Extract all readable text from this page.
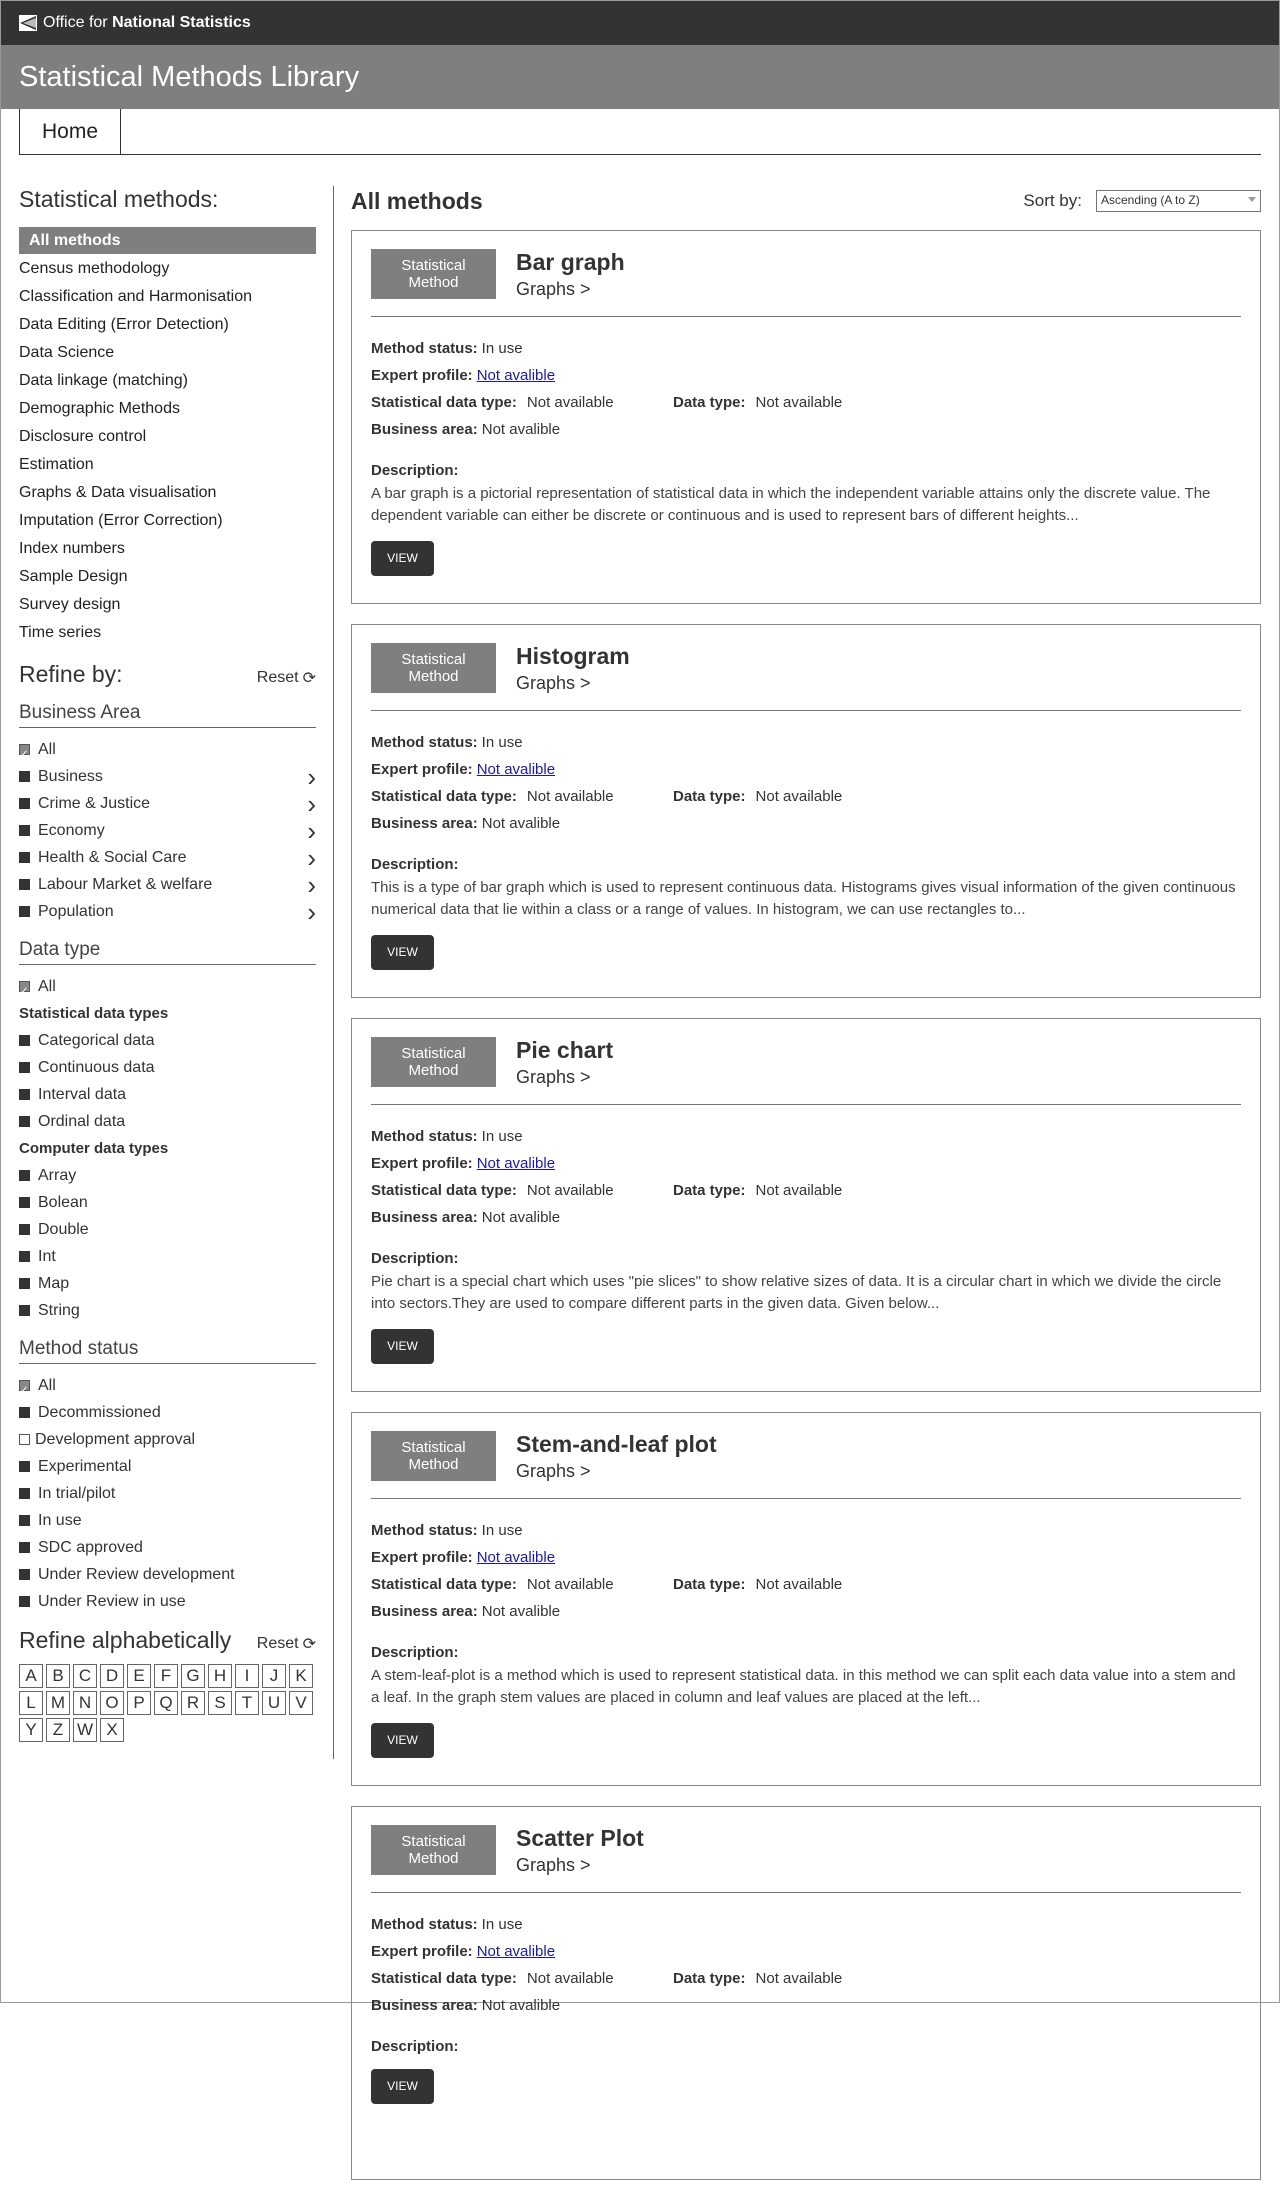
Office for National Statistics
Statistical Methods Library
Home
Statistical methods:
All methods
Census methodology
Classification and Harmonisation
Data Editing (Error Detection)
Data Science
Data linkage (matching)
Demographic Methods
Disclosure control
Estimation
Graphs & Data visualisation
Imputation (Error Correction)
Index numbers
Sample Design
Survey design
Time series
Refine by:	Reset ⟳
Business Area
✓
All
Business	›
Crime & Justice	›
Economy	›
Health & Social Care	›
Labour Market & welfare	›
Population	›
Data type
✓
All
Statistical data types
Categorical data
Continuous data
Interval data
Ordinal data
Computer data types
Array
Bolean
Double
Int
Map
String
Method status
✓
All
Decommissioned
Development approval
Experimental
In trial/pilot
In use
SDC approved
Under Review development
Under Review in use
Refine alphabetically Reset ⟳
A B C D E F G H	I	J	K
L M N O P Q R S T U V
Y Z W X
All methods	Sort by:	Ascending (A to Z)
Statistical
Method
Bar graph
Graphs >
Method status: In use
Expert profile: Not avalible
Statistical data type: Not available	Data type: Not available
Business area: Not avalible
Description:
A bar graph is a pictorial representation of statistical data in which the independent variable attains only the discrete value. The dependent variable can either be discrete or continuous and is used to represent bars of different heights...
VIEW
Statistical
Method
Histogram
Graphs >
Method status: In use
Expert profile: Not avalible
Statistical data type: Not available	Data type: Not available
Business area: Not avalible
Description:
This is a type of bar graph which is used to represent continuous data. Histograms gives visual information of the given continuous numerical data that lie within a class or a range of values. In histogram, we can use rectangles to...
VIEW
Statistical
Method
Pie chart
Graphs >
Method status: In use
Expert profile: Not avalible
Statistical data type: Not available	Data type: Not available
Business area: Not avalible
Description:
Pie chart is a special chart which uses "pie slices" to show relative sizes of data. It is a circular chart in which we divide the circle into sectors.They are used to compare different parts in the given data. Given below...
VIEW
Statistical
Method
Stem-and-leaf plot
Graphs >
Method status: In use
Expert profile: Not avalible
Statistical data type: Not available	Data type: Not available
Business area: Not avalible
Description:
A stem-leaf-plot is a method which is used to represent statistical data. in this method we can split each data value into a stem and a leaf. In the graph stem values are placed in column and leaf values are placed at the left...
VIEW
Statistical
Method
Scatter Plot
Graphs >
Method status: In use
Expert profile: Not avalible
Statistical data type: Not available	Data type: Not available
Business area: Not avalible
Description:
VIEW
